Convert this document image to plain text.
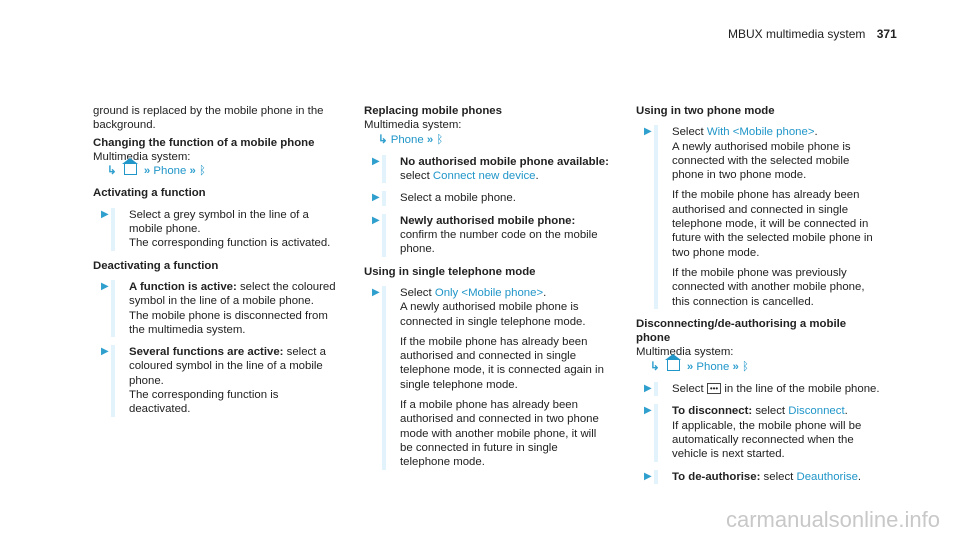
MBUX multimedia system 371

ground is replaced by the mobile phone in the background.

Changing the function of a mobile phone

Multimedia system:

↳ » Phone » ᛒ

Activating a function

▶ Select a grey symbol in the line of a mobile phone.

The corresponding function is activated.

Deactivating a function

▶ A function is active: select the coloured symbol in the line of a mobile phone.

The mobile phone is disconnected from the multimedia system.

▶ Several functions are active: select a coloured symbol in the line of a mobile phone.

The corresponding function is deactivated.

Replacing mobile phones

Multimedia system:

↳ Phone » ᛒ

▶ No authorised mobile phone available: select Connect new device.

▶ Select a mobile phone.

▶ Newly authorised mobile phone: confirm the number code on the mobile phone.

Using in single telephone mode

▶ Select Only <Mobile phone>.

A newly authorised mobile phone is connected in single telephone mode.

If the mobile phone has already been authorised and connected in single telephone mode, it is connected again in single telephone mode.

If a mobile phone has already been authorised and connected in two phone mode with another mobile phone, it will be connected in future in single telephone mode.

Using in two phone mode

▶ Select With <Mobile phone>.

A newly authorised mobile phone is connected with the selected mobile phone in two phone mode.

If the mobile phone has already been authorised and connected in single telephone mode, it will be connected in future with the selected mobile phone in two phone mode.

If the mobile phone was previously connected with another mobile phone, this connection is cancelled.

Disconnecting/de-authorising a mobile phone

Multimedia system:

↳ » Phone » ᛒ

▶ Select ••• in the line of the mobile phone.

▶ To disconnect: select Disconnect.

If applicable, the mobile phone will be automatically reconnected when the vehicle is next started.

▶ To de-authorise: select Deauthorise.

carmanualsonline.info
